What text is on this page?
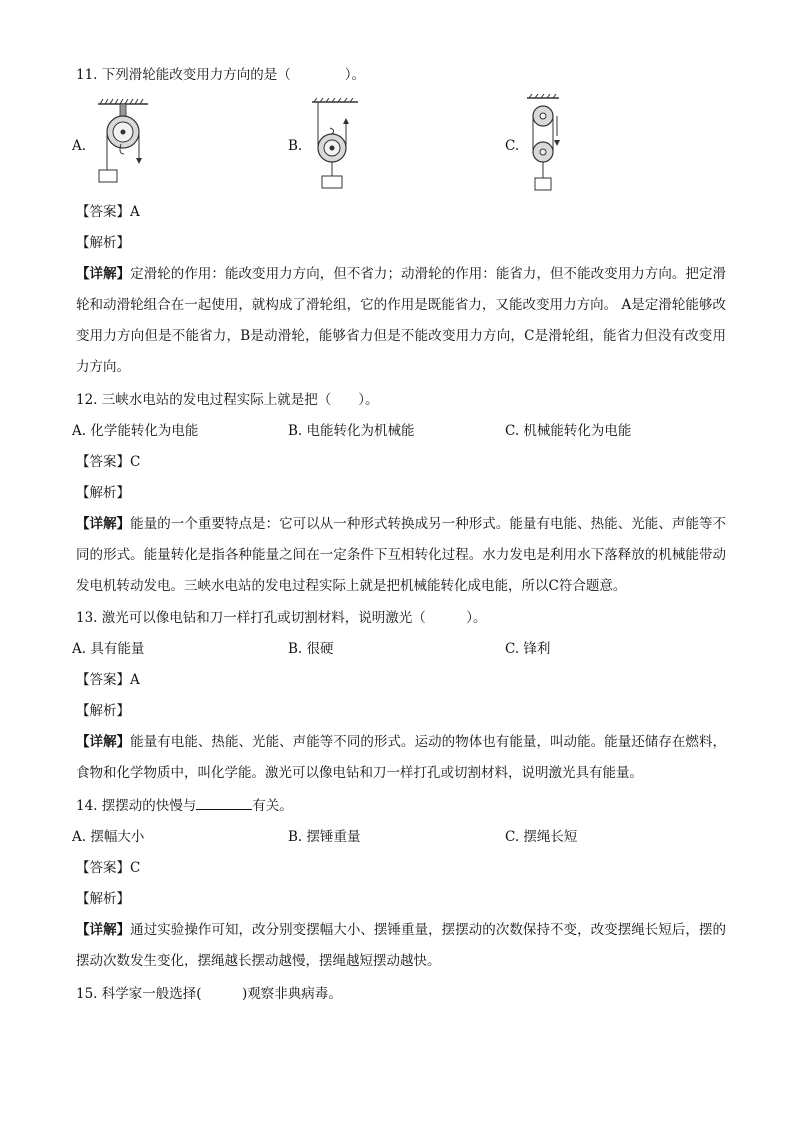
11. 下列滑轮能改变用力方向的是（　　　　）。
A.	B.	C.
【答案】A
【解析】
【详解】定滑轮的作用：能改变用力方向，但不省力；动滑轮的作用：能省力，但不能改变用力方向。把定滑轮和动滑轮组合在一起使用，就构成了滑轮组，它的作用是既能省力，又能改变用力方向。 A是定滑轮能够改变用力方向但是不能省力，B是动滑轮，能够省力但是不能改变用力方向，C是滑轮组，能省力但没有改变用力方向。
12. 三峡水电站的发电过程实际上就是把（　　）。
A. 化学能转化为电能	B. 电能转化为机械能	C. 机械能转化为电能
【答案】C
【解析】
【详解】能量的一个重要特点是：它可以从一种形式转换成另一种形式。能量有电能、热能、光能、声能等不同的形式。能量转化是指各种能量之间在一定条件下互相转化过程。水力发电是利用水下落释放的机械能带动发电机转动发电。三峡水电站的发电过程实际上就是把机械能转化成电能，所以C符合题意。
13. 激光可以像电钻和刀一样打孔或切割材料，说明激光（　　　）。
A. 具有能量	B. 很硬	C. 锋利
【答案】A
【解析】
【详解】能量有电能、热能、光能、声能等不同的形式。运动的物体也有能量，叫动能。能量还储存在燃料，食物和化学物质中，叫化学能。激光可以像电钻和刀一样打孔或切割材料，说明激光具有能量。
14. 摆摆动的快慢与	有关。
A. 摆幅大小	B. 摆锤重量	C. 摆绳长短
【答案】C
【解析】
【详解】通过实验操作可知，改分别变摆幅大小、摆锤重量，摆摆动的次数保持不变，改变摆绳长短后，摆的摆动次数发生变化，摆绳越长摆动越慢，摆绳越短摆动越快。
15. 科学家一般选择(　　　)观察非典病毒。
